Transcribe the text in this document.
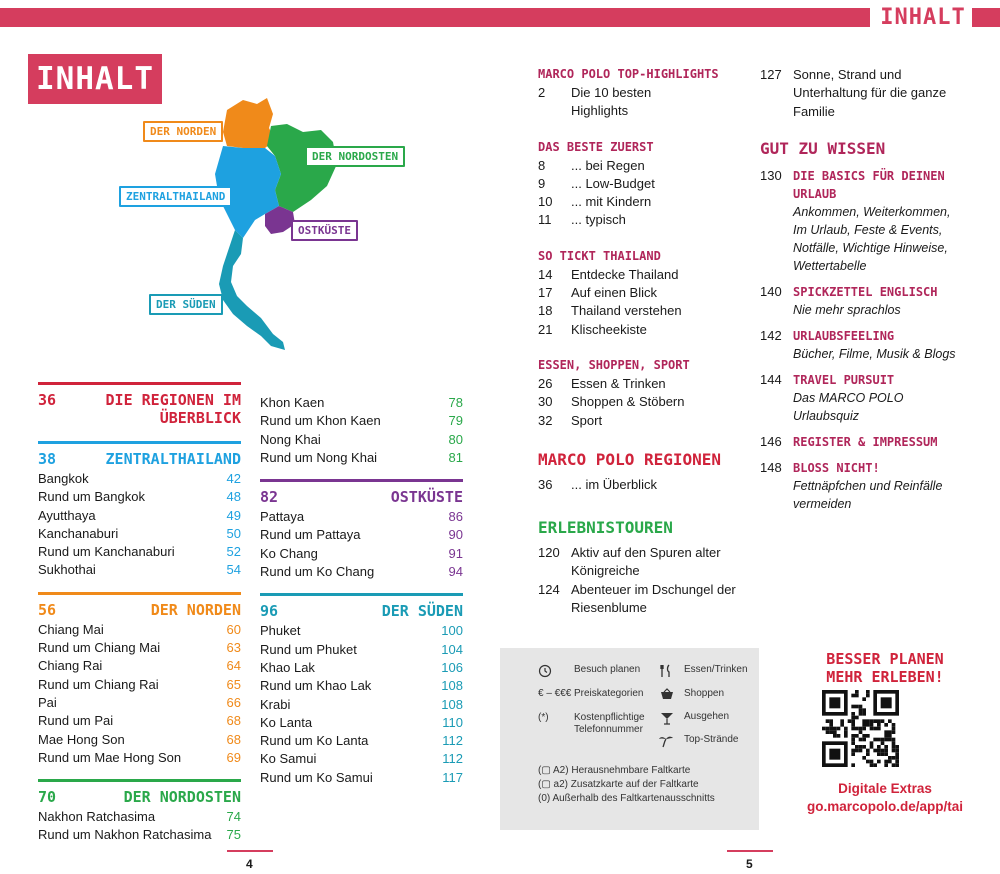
INHALT
INHALT
DER NORDEN
DER NORDOSTEN
ZENTRALTHAILAND
OSTKÜSTE
DER SÜDEN
36	DIE REGIONEN IM ÜBERBLICK
38	ZENTRALTHAILAND
Bangkok	42
Rund um Bangkok	48
Ayutthaya	49
Kanchanaburi	50
Rund um Kanchanaburi	52
Sukhothai	54
56	DER NORDEN
Chiang Mai	60
Rund um Chiang Mai	63
Chiang Rai	64
Rund um Chiang Rai	65
Pai	66
Rund um Pai	68
Mae Hong Son	68
Rund um Mae Hong Son	69
70	DER NORDOSTEN
Nakhon Ratchasima	74
Rund um Nakhon Ratchasima 75
Khon Kaen	78
Rund um Khon Kaen	79
Nong Khai	80
Rund um Nong Khai	81
82	OSTKÜSTE
Pattaya	86
Rund um Pattaya	90
Ko Chang	91
Rund um Ko Chang	94
96	DER SÜDEN
Phuket	100
Rund um Phuket	104
Khao Lak	106
Rund um Khao Lak	108
Krabi	108
Ko Lanta	110
Rund um Ko Lanta	112
Ko Samui	112
Rund um Ko Samui	117
MARCO POLO TOP-HIGHLIGHTS
2	Die 10 besten Highlights
DAS BESTE ZUERST
8	... bei Regen
9	... Low-Budget
10	... mit Kindern
11	... typisch
SO TICKT THAILAND
14	Entdecke Thailand
17	Auf einen Blick
18	Thailand verstehen
21	Klischeekiste
ESSEN, SHOPPEN, SPORT
26	Essen & Trinken
30	Shoppen & Stöbern
32	Sport
MARCO POLO REGIONEN
36	... im Überblick
ERLEBNISTOUREN
120 Aktiv auf den Spuren alter Königreiche
124 Abenteuer im Dschungel der Riesenblume
127 Sonne, Strand und Unterhaltung für die ganze Familie
GUT ZU WISSEN
130 DIE BASICS FÜR DEINEN URLAUB
Ankommen, Weiterkommen, Im Urlaub, Feste & Events, Notfälle, Wichtige Hinweise, Wettertabelle
140 SPICKZETTEL ENGLISCH
Nie mehr sprachlos
142 URLAUBSFEELING
Bücher, Filme, Musik & Blogs
144 TRAVEL PURSUIT
Das MARCO POLO Urlaubsquiz
146 REGISTER & IMPRESSUM
148 BLOSS NICHT!
Fettnäpfchen und Reinfälle vermeiden
Besuch planen
€ – €€€ Preiskategorien
(*)	Kostenpflichtige Telefonnummer
Essen/Trinken
Shoppen
Ausgehen
Top-Strände
(▢ A2) Herausnehmbare Faltkarte
(▢ a2) Zusatzkarte auf der Faltkarte
(0) Außerhalb des Faltkartenausschnitts
BESSER PLANEN
MEHR ERLEBEN!
Digitale Extras
go.marcopolo.de/app/tai
4	5
